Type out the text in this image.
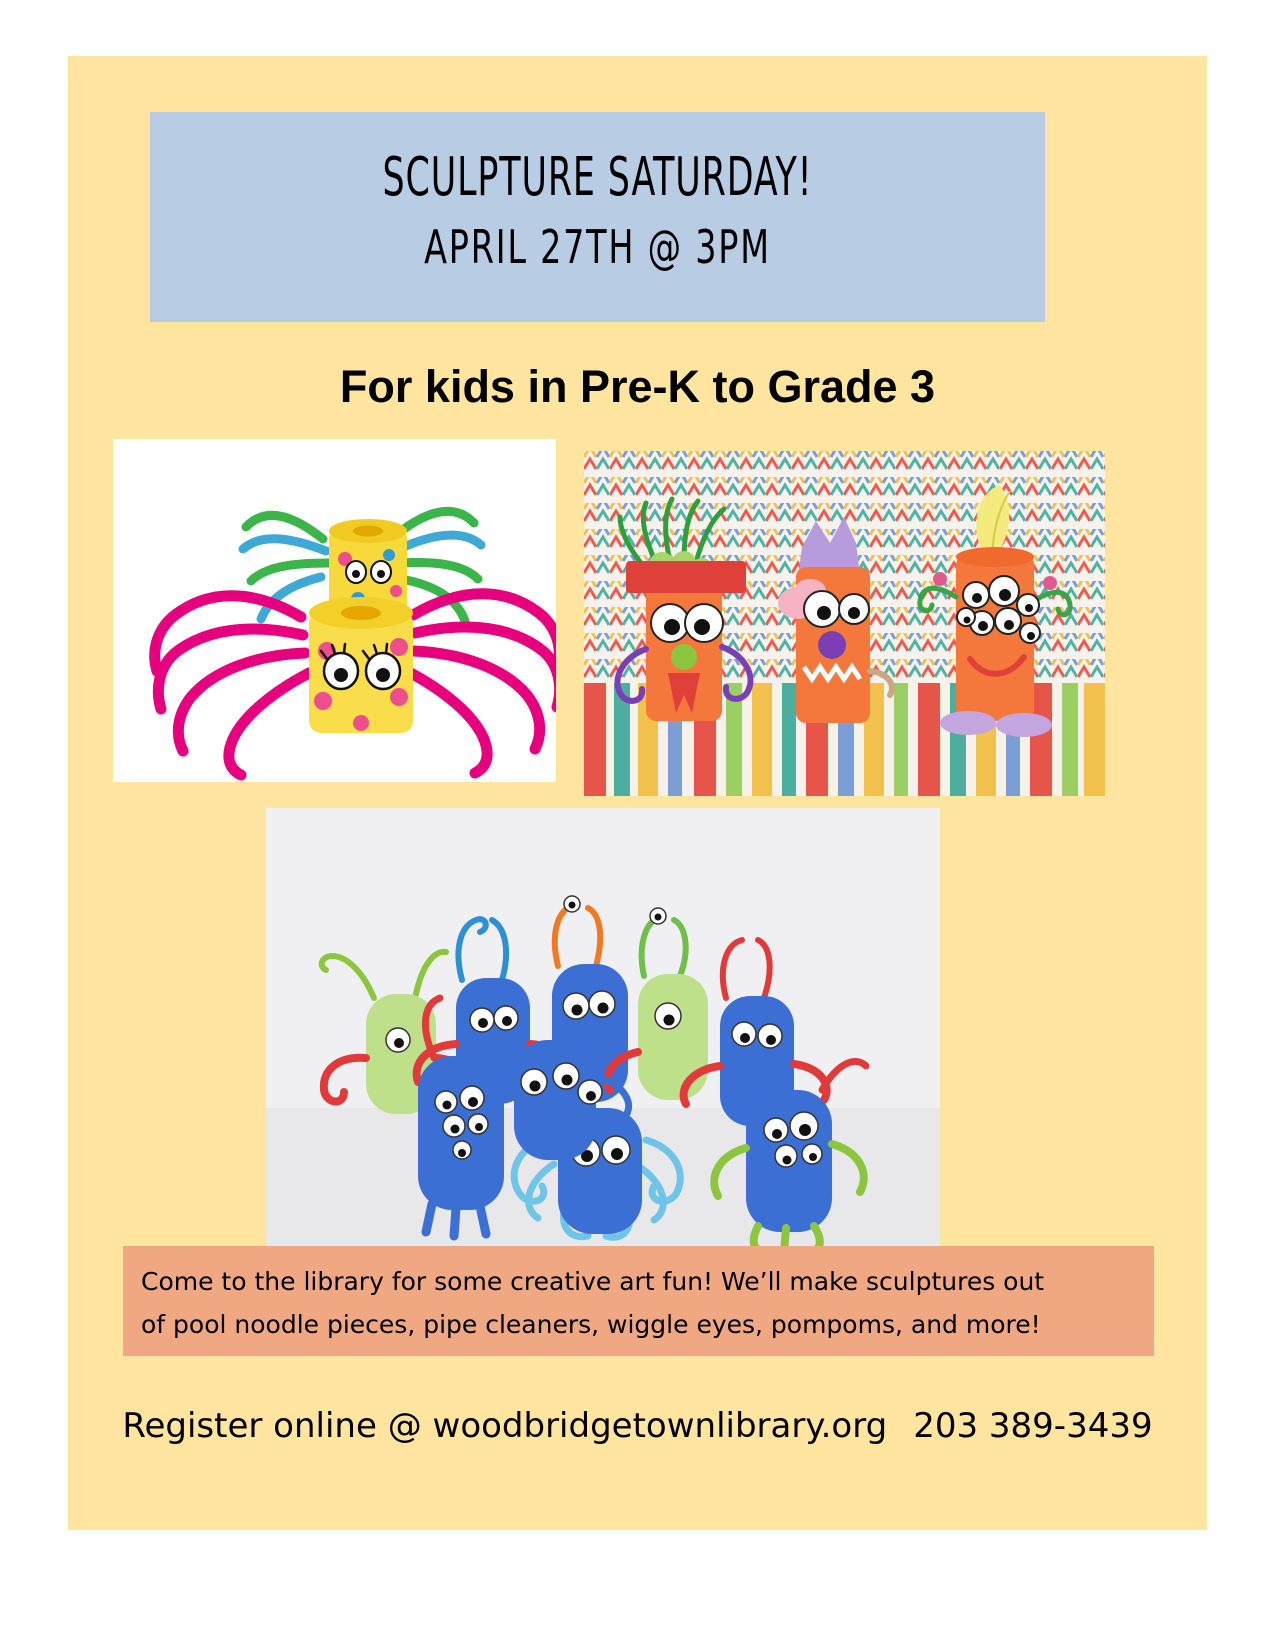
SCULPTURE SATURDAY!
APRIL 27TH @ 3PM
For kids in Pre-K to Grade 3
Come to the library for some creative art fun! We’ll make sculptures out
of pool noodle pieces, pipe cleaners, wiggle eyes, pompoms, and more!
Register online @ woodbridgetownlibrary.org 203 389-3439
